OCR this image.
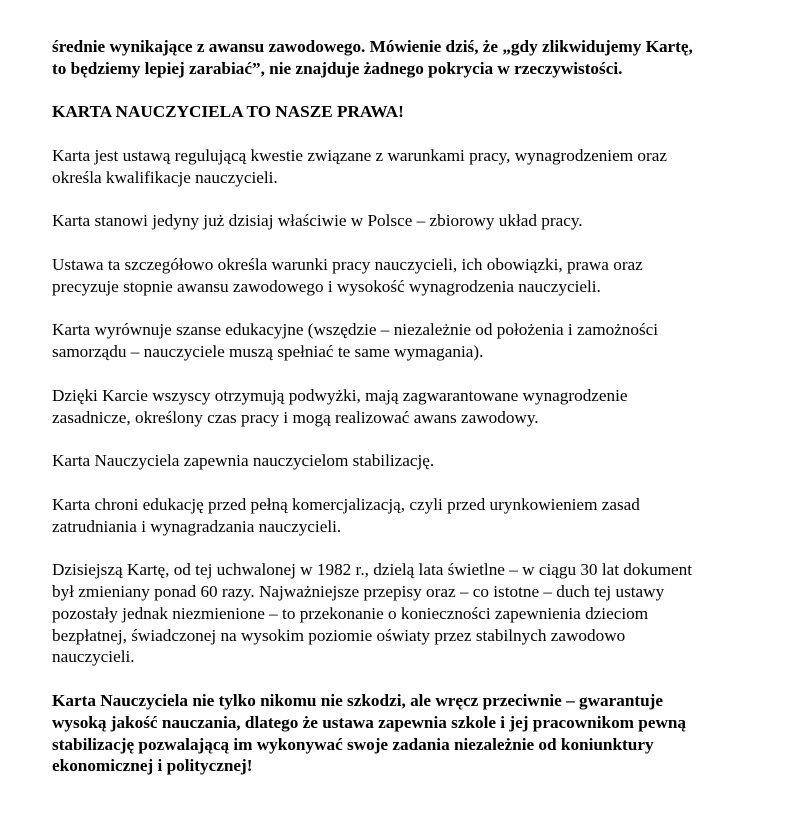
średnie wynikające z awansu zawodowego. Mówienie dziś, że „gdy zlikwidujemy Kartę,
to będziemy lepiej zarabiać”, nie znajduje żadnego pokrycia w rzeczywistości.

KARTA NAUCZYCIELA TO NASZE PRAWA!

Karta jest ustawą regulującą kwestie związane z warunkami pracy, wynagrodzeniem oraz
określa kwalifikacje nauczycieli.

Karta stanowi jedyny już dzisiaj właściwie w Polsce – zbiorowy układ pracy.

Ustawa ta szczegółowo określa warunki pracy nauczycieli, ich obowiązki, prawa oraz
precyzuje stopnie awansu zawodowego i wysokość wynagrodzenia nauczycieli.

Karta wyrównuje szanse edukacyjne (wszędzie – niezależnie od położenia i zamożności
samorządu – nauczyciele muszą spełniać te same wymagania).

Dzięki Karcie wszyscy otrzymują podwyżki, mają zagwarantowane wynagrodzenie
zasadnicze, określony czas pracy i mogą realizować awans zawodowy.

Karta Nauczyciela zapewnia nauczycielom stabilizację.

Karta chroni edukację przed pełną komercjalizacją, czyli przed urynkowieniem zasad
zatrudniania i wynagradzania nauczycieli.

Dzisiejszą Kartę, od tej uchwalonej w 1982 r., dzielą lata świetlne – w ciągu 30 lat dokument
był zmieniany ponad 60 razy. Najważniejsze przepisy oraz – co istotne – duch tej ustawy
pozostały jednak niezmienione – to przekonanie o konieczności zapewnienia dzieciom
bezpłatnej, świadczonej na wysokim poziomie oświaty przez stabilnych zawodowo
nauczycieli.

Karta Nauczyciela nie tylko nikomu nie szkodzi, ale wręcz przeciwnie – gwarantuje
wysoką jakość nauczania, dlatego że ustawa zapewnia szkole i jej pracownikom pewną
stabilizację pozwalającą im wykonywać swoje zadania niezależnie od koniunktury
ekonomicznej i politycznej!
